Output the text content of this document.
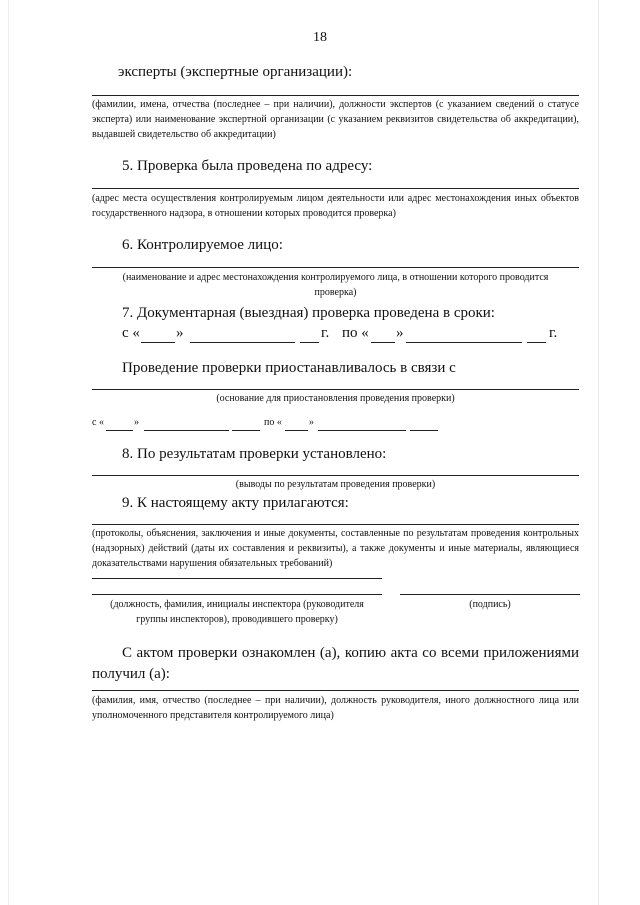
18
эксперты (экспертные организации):
(фамилии, имена, отчества (последнее – при наличии), должности экспертов (с указанием сведений о статусе эксперта) или наименование экспертной организации (с указанием реквизитов свидетельства об аккредитации), выдавшей свидетельство об аккредитации)
5. Проверка была проведена по адресу:
(адрес места осуществления контролируемым лицом деятельности или адрес местонахождения иных объектов государственного надзора, в отношении которых проводится проверка)
6. Контролируемое лицо:
(наименование и адрес местонахождения контролируемого лица, в отношении которого проводится проверка)
7. Документарная (выездная) проверка проведена в сроки:
с « »	г. по « »	г.
Проведение проверки приостанавливалось в связи с
(основание для приостановления проведения проверки)
с «	»	по «	»
8. По результатам проверки установлено:
(выводы по результатам проведения проверки)
9. К настоящему акту прилагаются:
(протоколы, объяснения, заключения и иные документы, составленные по результатам проведения контрольных (надзорных) действий (даты их составления и реквизиты), а также документы и иные материалы, являющиеся доказательствами нарушения обязательных требований)
(должность, фамилия, инициалы инспектора (руководителя
группы инспекторов), проводившего проверку)
(подпись)
С актом проверки ознакомлен (а), копию акта со всеми приложениями получил (а):
(фамилия, имя, отчество (последнее – при наличии), должность руководителя, иного должностного лица или уполномоченного представителя контролируемого лица)
